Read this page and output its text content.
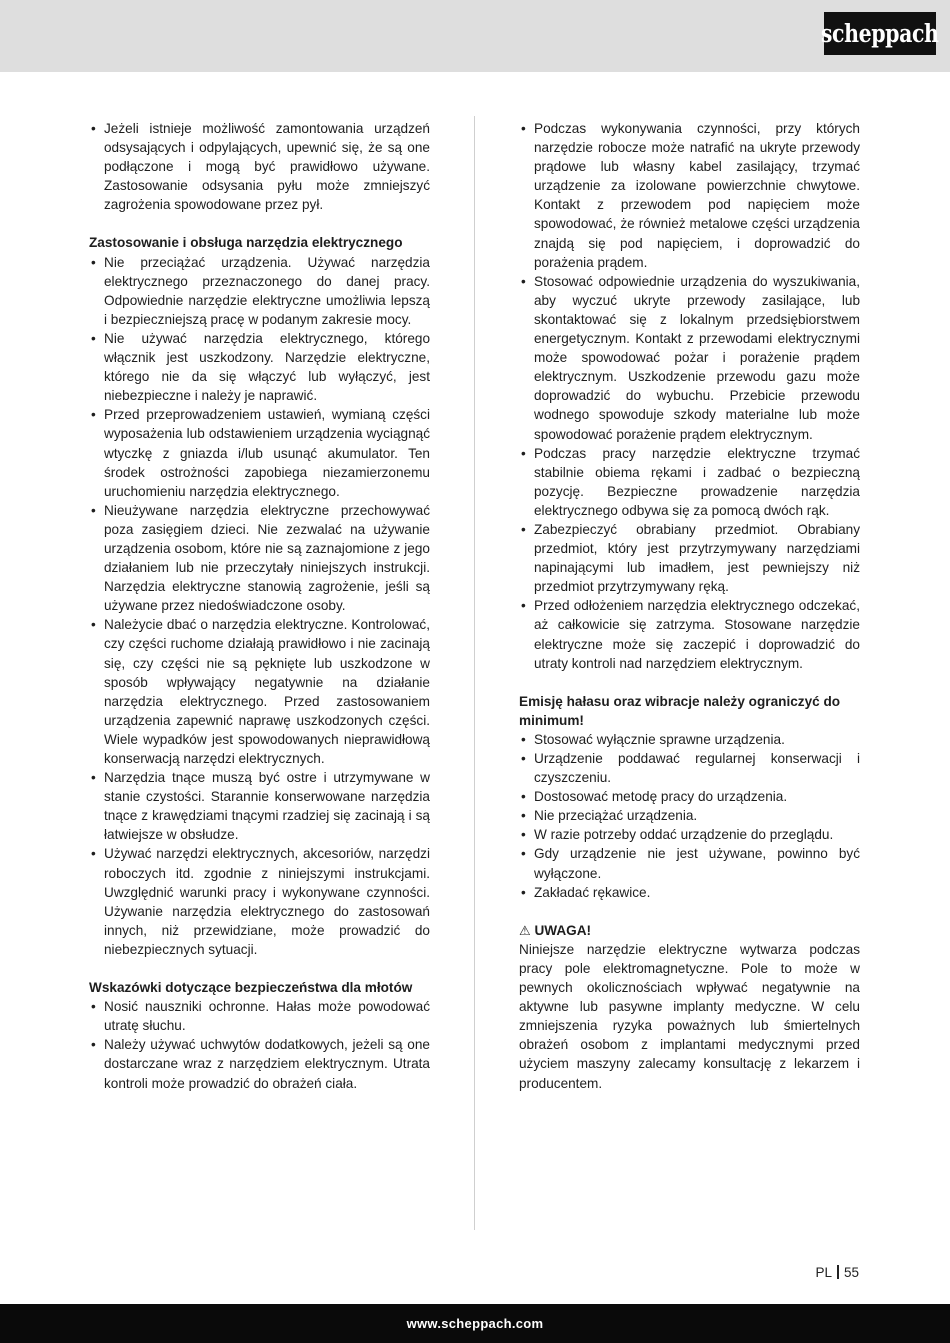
scheppach
• Jeżeli istnieje możliwość zamontowania urządzeń odsysających i odpylających, upewnić się, że są one podłączone i mogą być prawidłowo używane. Zastosowanie odsysania pyłu może zmniejszyć zagrożenia spowodowane przez pył.
Zastosowanie i obsługa narzędzia elektrycznego
• Nie przeciążać urządzenia. Używać narzędzia elektrycznego przeznaczonego do danej pracy. Odpowiednie narzędzie elektryczne umożliwia lepszą i bezpieczniejszą pracę w podanym zakresie mocy.
• Nie używać narzędzia elektrycznego, którego włącznik jest uszkodzony. Narzędzie elektryczne, którego nie da się włączyć lub wyłączyć, jest niebezpieczne i należy je naprawić.
• Przed przeprowadzeniem ustawień, wymianą części wyposażenia lub odstawieniem urządzenia wyciągnąć wtyczkę z gniazda i/lub usunąć akumulator. Ten środek ostrożności zapobiega niezamierzonemu uruchomieniu narzędzia elektrycznego.
• Nieużywane narzędzia elektryczne przechowywać poza zasięgiem dzieci. Nie zezwalać na używanie urządzenia osobom, które nie są zaznajomione z jego działaniem lub nie przeczytały niniejszych instrukcji. Narzędzia elektryczne stanowią zagrożenie, jeśli są używane przez niedoświadczone osoby.
• Należycie dbać o narzędzia elektryczne. Kontrolować, czy części ruchome działają prawidłowo i nie zacinają się, czy części nie są pęknięte lub uszkodzone w sposób wpływający negatywnie na działanie narzędzia elektrycznego. Przed zastosowaniem urządzenia zapewnić naprawę uszkodzonych części. Wiele wypadków jest spowodowanych nieprawidłową konserwacją narzędzi elektrycznych.
• Narzędzia tnące muszą być ostre i utrzymywane w stanie czystości. Starannie konserwowane narzędzia tnące z krawędziami tnącymi rzadziej się zacinają i są łatwiejsze w obsłudze.
• Używać narzędzi elektrycznych, akcesoriów, narzędzi roboczych itd. zgodnie z niniejszymi instrukcjami. Uwzględnić warunki pracy i wykonywane czynności. Używanie narzędzia elektrycznego do zastosowań innych, niż przewidziane, może prowadzić do niebezpiecznych sytuacji.
Wskazówki dotyczące bezpieczeństwa dla młotów
• Nosić nauszniki ochronne. Hałas może powodować utratę słuchu.
• Należy używać uchwytów dodatkowych, jeżeli są one dostarczane wraz z narzędziem elektrycznym. Utrata kontroli może prowadzić do obrażeń ciała.
• Podczas wykonywania czynności, przy których narzędzie robocze może natrafić na ukryte przewody prądowe lub własny kabel zasilający, trzymać urządzenie za izolowane powierzchnie chwytowe. Kontakt z przewodem pod napięciem może spowodować, że również metalowe części urządzenia znajdą się pod napięciem, i doprowadzić do porażenia prądem.
• Stosować odpowiednie urządzenia do wyszukiwania, aby wyczuć ukryte przewody zasilające, lub skontaktować się z lokalnym przedsiębiorstwem energetycznym. Kontakt z przewodami elektrycznymi może spowodować pożar i porażenie prądem elektrycznym. Uszkodzenie przewodu gazu może doprowadzić do wybuchu. Przebicie przewodu wodnego spowoduje szkody materialne lub może spowodować porażenie prądem elektrycznym.
• Podczas pracy narzędzie elektryczne trzymać stabilnie obiema rękami i zadbać o bezpieczną pozycję. Bezpieczne prowadzenie narzędzia elektrycznego odbywa się za pomocą dwóch rąk.
• Zabezpieczyć obrabiany przedmiot. Obrabiany przedmiot, który jest przytrzymywany narzędziami napinającymi lub imadłem, jest pewniejszy niż przedmiot przytrzymywany ręką.
• Przed odłożeniem narzędzia elektrycznego odczekać, aż całkowicie się zatrzyma. Stosowane narzędzie elektryczne może się zaczepić i doprowadzić do utraty kontroli nad narzędziem elektrycznym.
Emisję hałasu oraz wibracje należy ograniczyć do minimum!
• Stosować wyłącznie sprawne urządzenia.
• Urządzenie poddawać regularnej konserwacji i czyszczeniu.
• Dostosować metodę pracy do urządzenia.
• Nie przeciążać urządzenia.
• W razie potrzeby oddać urządzenie do przeglądu.
• Gdy urządzenie nie jest używane, powinno być wyłączone.
• Zakładać rękawice.
⚠ UWAGA!
Niniejsze narzędzie elektryczne wytwarza podczas pracy pole elektromagnetyczne. Pole to może w pewnych okolicznościach wpływać negatywnie na aktywne lub pasywne implanty medyczne. W celu zmniejszenia ryzyka poważnych lub śmiertelnych obrażeń osobom z implantami medycznymi przed użyciem maszyny zalecamy konsultację z lekarzem i producentem.
PL 55
www.scheppach.com
